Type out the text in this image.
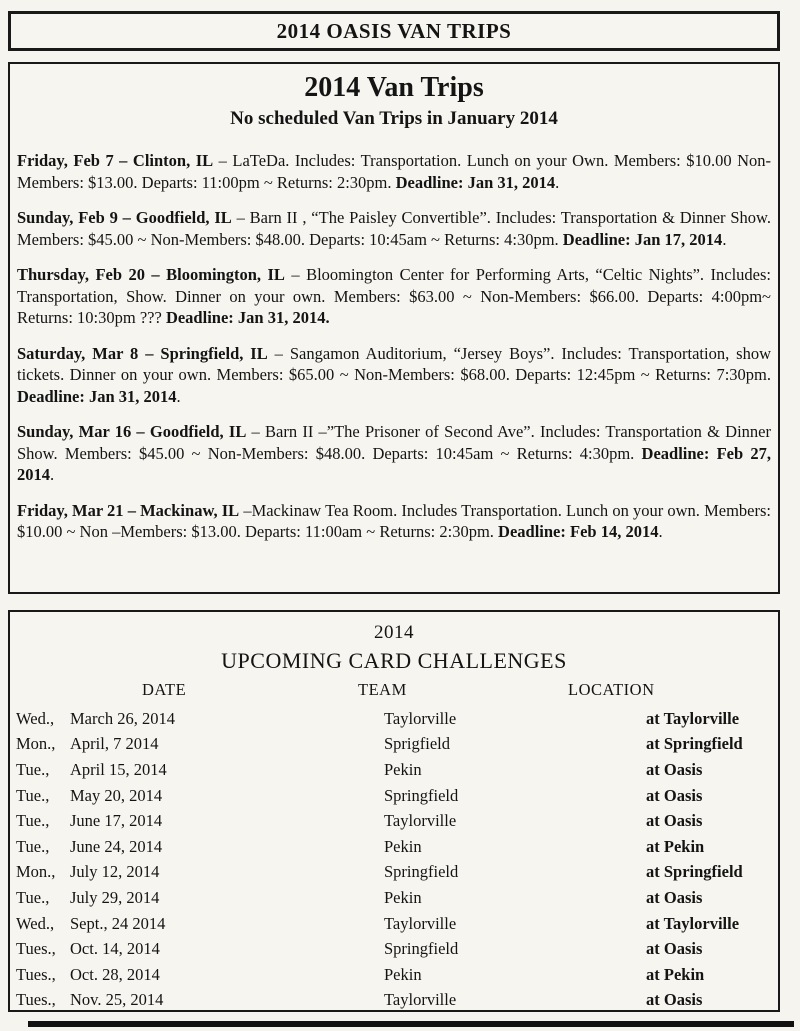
2014 OASIS VAN TRIPS
2014 Van Trips
No scheduled Van Trips in January 2014

Friday, Feb 7 – Clinton, IL – LaTeDa. Includes: Transportation. Lunch on your Own. Members: $10.00 Non-Members: $13.00. Departs: 11:00pm ~ Returns: 2:30pm. Deadline: Jan 31, 2014.

Sunday, Feb 9 – Goodfield, IL – Barn II , “The Paisley Convertible”. Includes: Transportation & Dinner Show. Members: $45.00 ~ Non-Members: $48.00. Departs: 10:45am ~ Returns: 4:30pm. Deadline: Jan 17, 2014.

Thursday, Feb 20 – Bloomington, IL – Bloomington Center for Performing Arts, “Celtic Nights”. Includes: Transportation, Show. Dinner on your own. Members: $63.00 ~ Non-Members: $66.00. Departs: 4:00pm~ Returns: 10:30pm ??? Deadline: Jan 31, 2014.

Saturday, Mar 8 – Springfield, IL – Sangamon Auditorium, “Jersey Boys”. Includes: Transportation, show tickets. Dinner on your own. Members: $65.00 ~ Non-Members: $68.00. Departs: 12:45pm ~ Returns: 7:30pm. Deadline: Jan 31, 2014.

Sunday, Mar 16 – Goodfield, IL – Barn II –”The Prisoner of Second Ave”. Includes: Transportation & Dinner Show. Members: $45.00 ~ Non-Members: $48.00. Departs: 10:45am ~ Returns: 4:30pm. Deadline: Feb 27, 2014.

Friday, Mar 21 – Mackinaw, IL –Mackinaw Tea Room. Includes Transportation. Lunch on your own. Members: $10.00 ~ Non –Members: $13.00. Departs: 11:00am ~ Returns: 2:30pm. Deadline: Feb 14, 2014.

2014
UPCOMING CARD CHALLENGES
DATE	TEAM	LOCATION
Wed., March 26, 2014	Taylorville	at Taylorville
Mon., April, 7 2014	Sprigfield	at Springfield
Tue.,	April 15, 2014	Pekin	at Oasis
Tue.,	May 20, 2014	Springfield	at Oasis
Tue.,	June 17, 2014	Taylorville	at Oasis
Tue.,	June 24, 2014	Pekin	at Pekin
Mon., July 12, 2014	Springfield	at Springfield
Tue.,	July 29, 2014	Pekin	at Oasis
Wed., Sept., 24 2014	Taylorville	at Taylorville
Tues., Oct. 14, 2014	Springfield	at Oasis
Tues., Oct. 28, 2014	Pekin	at Pekin
Tues., Nov. 25, 2014	Taylorville	at Oasis
